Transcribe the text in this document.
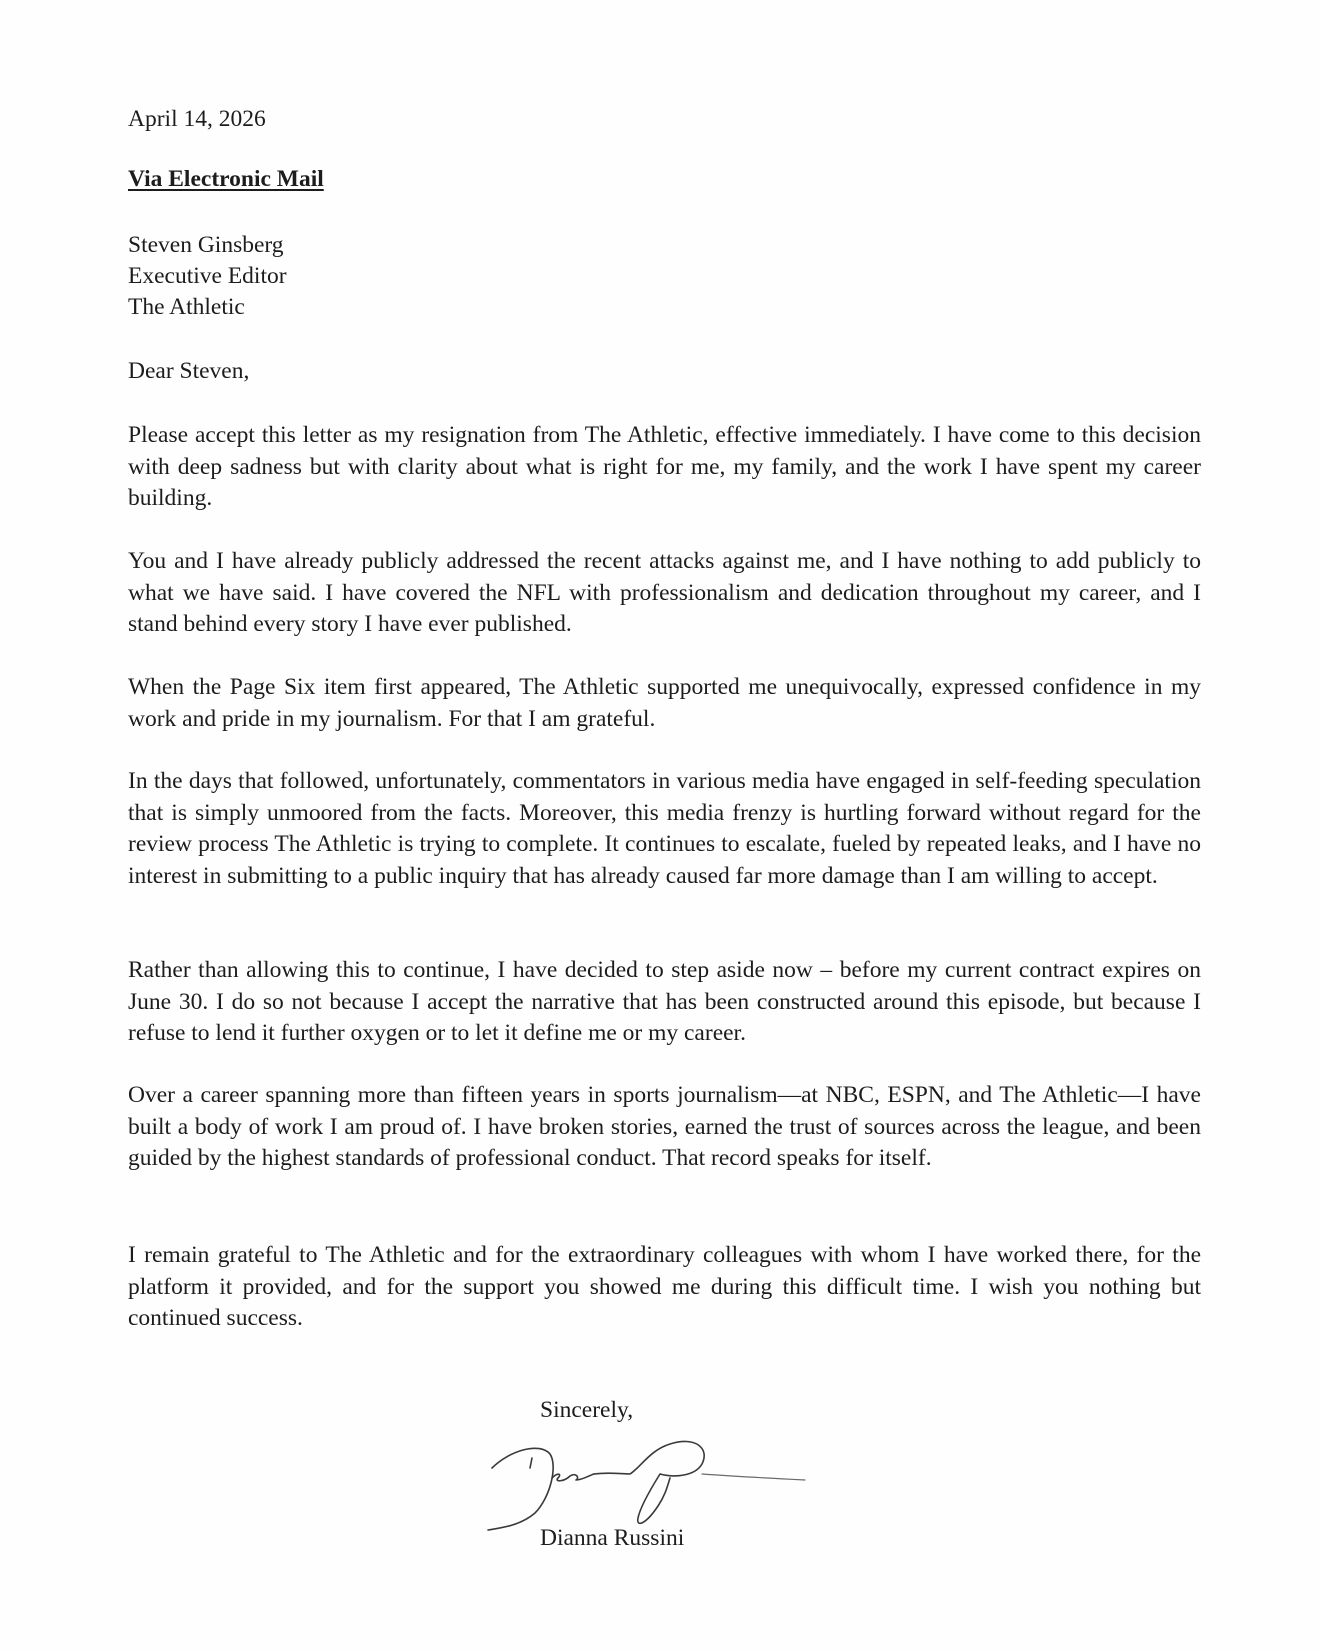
April 14, 2026
Via Electronic Mail
Steven Ginsberg
Executive Editor
The Athletic
Dear Steven,

Please accept this letter as my resignation from The Athletic, effective immediately. I have come to this decision with deep sadness but with clarity about what is right for me, my family, and the work I have spent my career building.

You and I have already publicly addressed the recent attacks against me, and I have nothing to add publicly to what we have said. I have covered the NFL with professionalism and dedication throughout my career, and I stand behind every story I have ever published.

When the Page Six item first appeared, The Athletic supported me unequivocally, expressed confidence in my work and pride in my journalism. For that I am grateful.

In the days that followed, unfortunately, commentators in various media have engaged in self-feeding speculation that is simply unmoored from the facts. Moreover, this media frenzy is hurtling forward without regard for the review process The Athletic is trying to complete. It continues to escalate, fueled by repeated leaks, and I have no interest in submitting to a public inquiry that has already caused far more damage than I am willing to accept.

Rather than allowing this to continue, I have decided to step aside now – before my current contract expires on June 30. I do so not because I accept the narrative that has been constructed around this episode, but because I refuse to lend it further oxygen or to let it define me or my career.

Over a career spanning more than fifteen years in sports journalism—at NBC, ESPN, and The Athletic—I have built a body of work I am proud of. I have broken stories, earned the trust of sources across the league, and been guided by the highest standards of professional conduct. That record speaks for itself.

I remain grateful to The Athletic and for the extraordinary colleagues with whom I have worked there, for the platform it provided, and for the support you showed me during this difficult time. I wish you nothing but continued success.

Sincerely,
Dianna Russini
